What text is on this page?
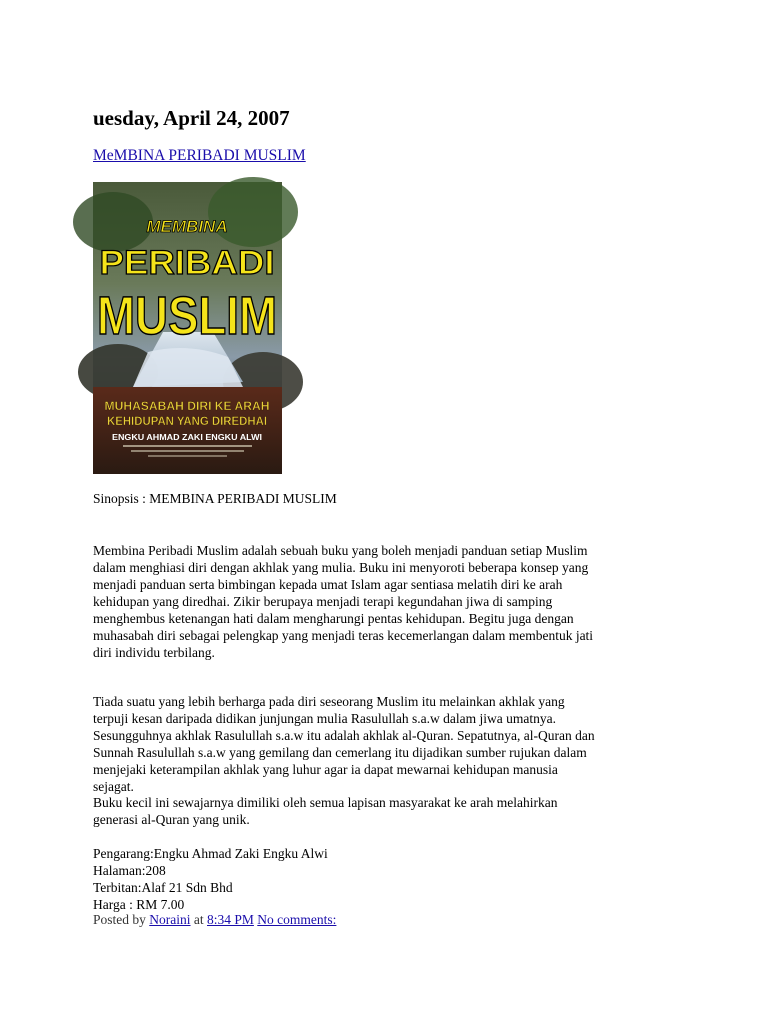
uesday, April 24, 2007
MeMBINA PERIBADI MUSLIM
MEMBINA
PERIBADI
MUSLIM
MUHASABAH DIRI KE ARAH
KEHIDUPAN YANG DIREDHAI
ENGKU AHMAD ZAKI ENGKU ALWI
Sinopsis : MEMBINA PERIBADI MUSLIM
Membina Peribadi Muslim adalah sebuah buku yang boleh menjadi panduan setiap Muslim
dalam menghiasi diri dengan akhlak yang mulia. Buku ini menyoroti beberapa konsep yang
menjadi panduan serta bimbingan kepada umat Islam agar sentiasa melatih diri ke arah
kehidupan yang diredhai. Zikir berupaya menjadi terapi kegundahan jiwa di samping
menghembus ketenangan hati dalam mengharungi pentas kehidupan. Begitu juga dengan
muhasabah diri sebagai pelengkap yang menjadi teras kecemerlangan dalam membentuk jati
diri individu terbilang.
Tiada suatu yang lebih berharga pada diri seseorang Muslim itu melainkan akhlak yang
terpuji kesan daripada didikan junjungan mulia Rasulullah s.a.w dalam jiwa umatnya.
Sesungguhnya akhlak Rasulullah s.a.w itu adalah akhlak al-Quran. Sepatutnya, al-Quran dan
Sunnah Rasulullah s.a.w yang gemilang dan cemerlang itu dijadikan sumber rujukan dalam
menjejaki keterampilan akhlak yang luhur agar ia dapat mewarnai kehidupan manusia
sejagat.
Buku kecil ini sewajarnya dimiliki oleh semua lapisan masyarakat ke arah melahirkan
generasi al-Quran yang unik.
Pengarang:Engku Ahmad Zaki Engku Alwi
Halaman:208
Terbitan:Alaf 21 Sdn Bhd
Harga : RM 7.00
Posted by Noraini at 8:34 PM No comments:
